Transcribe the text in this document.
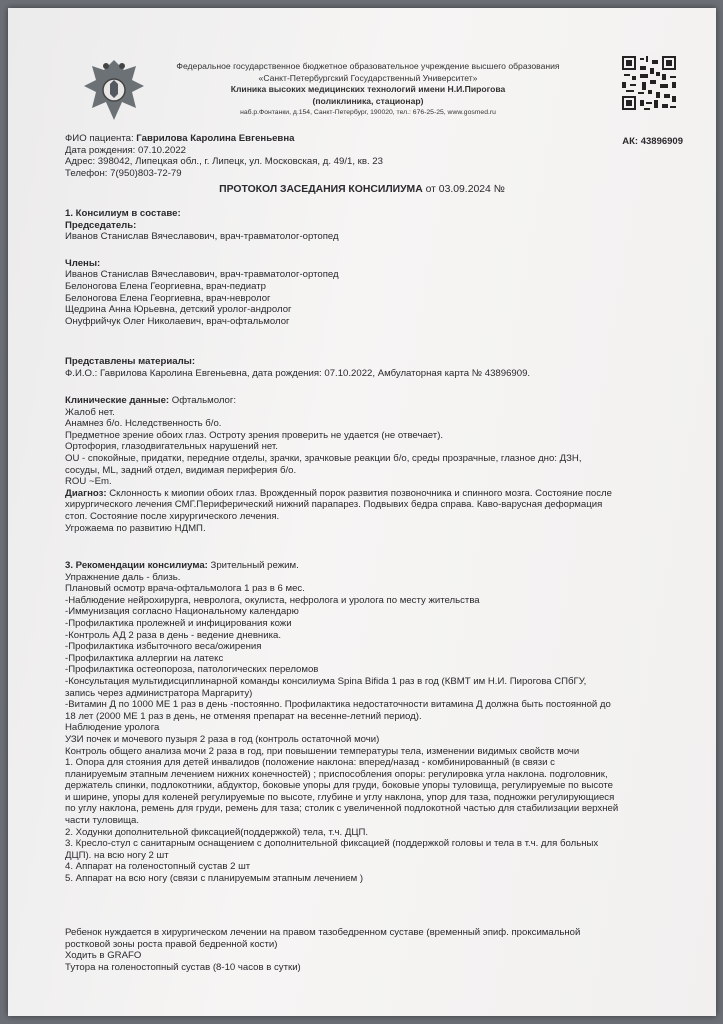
Федеральное государственное бюджетное образовательное учреждение высшего образования
«Санкт-Петербургский Государственный Университет»
Клиника высоких медицинских технологий имени Н.И.Пирогова
(поликлиника, стационар)
наб.р.Фонтанки, д.154, Санкт-Петербург, 190020, тел.: 676-25-25, www.gosmed.ru
АК: 43896909
ФИО пациента: Гаврилова Каролина Евгеньевна
Дата рождения: 07.10.2022
Адрес: 398042, Липецкая обл., г. Липецк, ул. Московская, д. 49/1, кв. 23
Телефон: 7(950)803-72-79
ПРОТОКОЛ ЗАСЕДАНИЯ КОНСИЛИУМА от 03.09.2024 №
1. Консилиум в составе:
Председатель:
Иванов Станислав Вячеславович, врач-травматолог-ортопед
Члены:
Иванов Станислав Вячеславович, врач-травматолог-ортопед
Белоногова Елена Георгиевна, врач-педиатр
Белоногова Елена Георгиевна, врач-невролог
Щедрина Анна Юрьевна, детский уролог-андролог
Онуфрийчук Олег Николаевич, врач-офтальмолог
Представлены материалы:
Ф.И.О.: Гаврилова Каролина Евгеньевна, дата рождения: 07.10.2022, Амбулаторная карта № 43896909.
Клинические данные: Офтальмолог:
Жалоб нет.
Анамнез б/о. Нследственность б/о.
Предметное зрение обоих глаз. Остроту зрения проверить не удается (не отвечает).
Ортофория, глазодвигательных нарушений нет.
OU - спокойные, придатки, передние отделы, зрачки, зрачковые реакции б/о, среды прозрачные, глазное дно: ДЗН,
сосуды, ML, задний отдел, видимая периферия б/о.
ROU ~Em.
Диагноз: Склонность к миопии обоих глаз. Врожденный порок развития позвоночника и спинного мозга. Состояние после
хирургического лечения СМГ.Периферический нижний парапарез. Подвывих бедра справа. Каво-варусная деформация
стоп. Состояние после хирургического лечения.
Угрожаема по развитию НДМП.
3. Рекомендации консилиума: Зрительный режим.
Упражнение даль - близь.
Плановый осмотр врача-офтальмолога 1 раз в 6 мес.
-Наблюдение нейрохирурга, невролога, окулиста, нефролога и уролога по месту жительства
-Иммунизация согласно Национальному календарю
-Профилактика пролежней и инфицирования кожи
-Контроль АД 2 раза в день - ведение дневника.
-Профилактика избыточного веса/ожирения
-Профилактика аллергии на латекс
-Профилактика остеопороза, патологических переломов
-Консультация мультидисциплинарной команды консилиума Spina Bifida 1 раз в год (КВМТ им Н.И. Пирогова СПбГУ,
запись через администратора Маргариту)
-Витамин Д по 1000 МЕ 1 раз в день -постоянно. Профилактика недостаточности витамина Д должна быть постоянной до
18 лет (2000 МЕ 1 раз в день, не отменяя препарат на весенне-летний период).
Наблюдение уролога
УЗИ почек и мочевого пузыря 2 раза в год (контроль остаточной мочи)
Контроль общего анализа мочи 2 раза в год, при повышении температуры тела, изменении видимых свойств мочи
1. Опора для стояния для детей инвалидов (положение наклона: вперед/назад - комбинированный (в связи с
планируемым этапным лечением нижних конечностей) ; приспособления опоры: регулировка угла наклона. подголовник,
держатель спинки, подлокотники, абдуктор, боковые упоры для груди, боковые упоры туловища, регулируемые по высоте
и ширине, упоры для коленей регулируемые по высоте, глубине и углу наклона, упор для таза, подножки регулирующиеся
по углу наклона, ремень для груди, ремень для таза; столик с увеличенной подлокотной частью для стабилизации верхней
части туловища.
2. Ходунки дополнительной фиксацией(поддержкой) тела, т.ч. ДЦП.
3. Кресло-стул с санитарным оснащением с дополнительной фиксацией (поддержкой головы и тела в т.ч. для больных
ДЦП). на всю ногу 2 шт
4. Аппарат на голеностопный сустав 2 шт
5. Аппарат на всю ногу (связи с планируемым этапным лечением )
Ребенок нуждается в хирургическом лечении на правом тазобедренном суставе (временный эпиф. проксимальной
ростковой зоны роста правой бедренной кости)
Ходить в GRAFO
Тутора на голеностопный сустав (8-10 часов в сутки)
